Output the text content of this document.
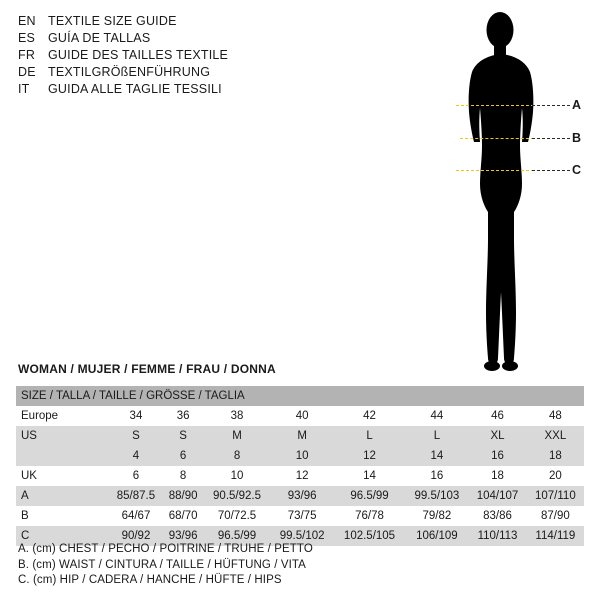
EN TEXTILE SIZE GUIDE
ES	GUÍA DE TALLAS
FR	GUIDE DES TAILLES TEXTILE
DE TEXTILGRÖßENFÜHRUNG
IT	GUIDA ALLE TAGLIE TESSILI
A
B
C
WOMAN / MUJER / FEMME / FRAU / DONNA
SIZE / TALLA / TAILLE / GRÖSSE / TAGLIA								
Europe	34	36	38	40	42	44	46	48
US	S	S	M	M	L	L	XL	XXL
	4	6	8	10	12	14	16	18
UK	6	8	10	12	14	16	18	20
A	85/87.5	88/90	90.5/92.5	93/96	96.5/99	99.5/103	104/107	107/110
B	64/67	68/70	70/72.5	73/75	76/78	79/82	83/86	87/90
C	90/92	93/96	96.5/99	99.5/102	102.5/105	106/109	110/113	114/119
A. (cm) CHEST / PECHO / POITRINE / TRUHE / PETTO
B. (cm) WAIST / CINTURA / TAILLE / HÜFTUNG / VITA
C. (cm) HIP / CADERA / HANCHE / HÜFTE / HIPS
